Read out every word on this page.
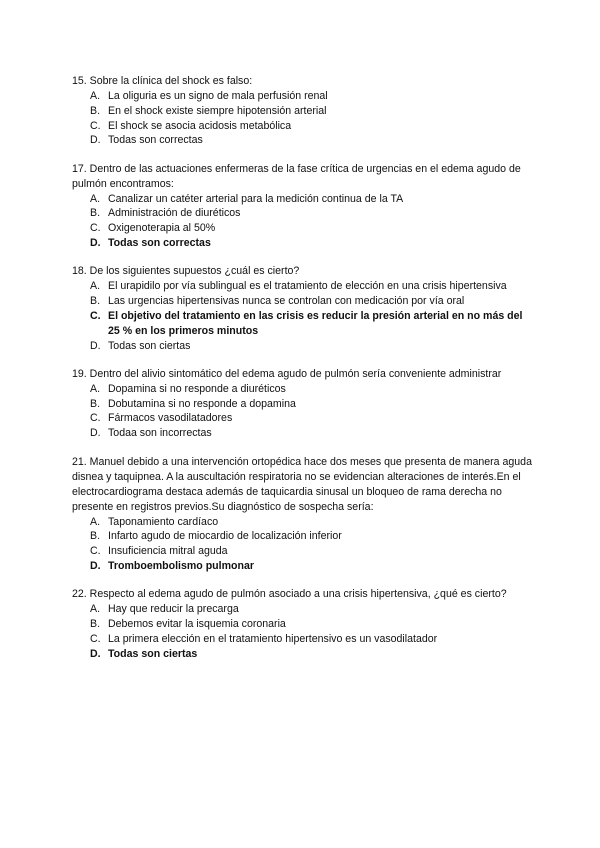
15. Sobre la clínica del shock es falso:
A. La oliguria es un signo de mala perfusión renal
B. En el shock existe siempre hipotensión arterial
C. El shock se asocia acidosis metabólica
D. Todas son correctas
17. Dentro de las actuaciones enfermeras de la fase crítica de urgencias en el edema agudo de pulmón encontramos:
A. Canalizar un catéter arterial para la medición continua de la TA
B. Administración de diuréticos
C. Oxigenoterapia al 50%
D. Todas son correctas
18. De los siguientes supuestos ¿cuál es cierto?
A. El urapidilo por vía sublingual es el tratamiento de elección en una crisis hipertensiva
B. Las urgencias hipertensivas nunca se controlan con medicación por vía oral
C. El objetivo del tratamiento en las crisis es reducir la presión arterial en no más del 25 % en los primeros minutos
D. Todas son ciertas
19. Dentro del alivio sintomático del edema agudo de pulmón sería conveniente administrar
A. Dopamina si no responde a diuréticos
B. Dobutamina si no responde a dopamina
C. Fármacos vasodilatadores
D. Todaa son incorrectas
21. Manuel debido a una intervención ortopédica hace dos meses que presenta de manera aguda disnea y taquipnea. A la auscultación respiratoria no se evidencian alteraciones de interés.En el electrocardiograma destaca además de taquicardia sinusal un bloqueo de rama derecha no presente en registros previos.Su diagnóstico de sospecha sería:
A. Taponamiento cardíaco
B. Infarto agudo de miocardio de localización inferior
C. Insuficiencia mitral aguda
D. Tromboembolismo pulmonar
22. Respecto al edema agudo de pulmón asociado a una crisis hipertensiva, ¿qué es cierto?
A. Hay que reducir la precarga
B. Debemos evitar la isquemia coronaria
C. La primera elección en el tratamiento hipertensivo es un vasodilatador
D. Todas son ciertas
